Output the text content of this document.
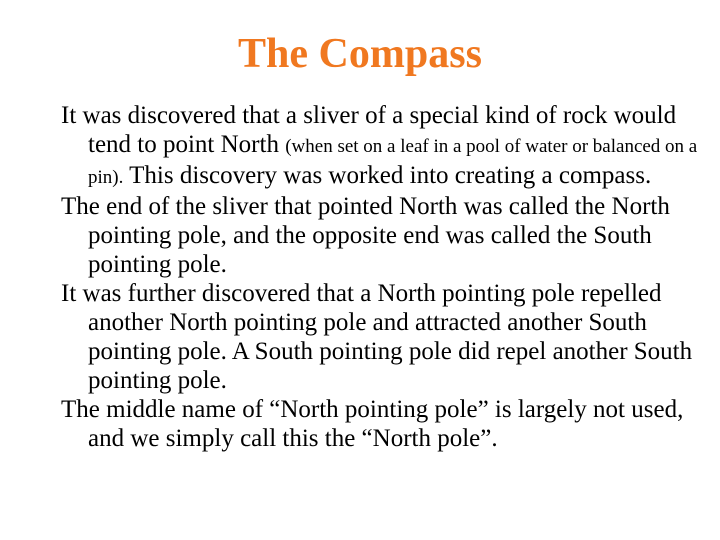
The Compass

It was discovered that a sliver of a special kind of rock would tend to point North (when set on a leaf in a pool of water or balanced on a pin). This discovery was worked into creating a compass.

The end of the sliver that pointed North was called the North pointing pole, and the opposite end was called the South pointing pole.

It was further discovered that a North pointing pole repelled another North pointing pole and attracted another South pointing pole. A South pointing pole did repel another South pointing pole.

The middle name of “North pointing pole” is largely not used, and we simply call this the “North pole”.
